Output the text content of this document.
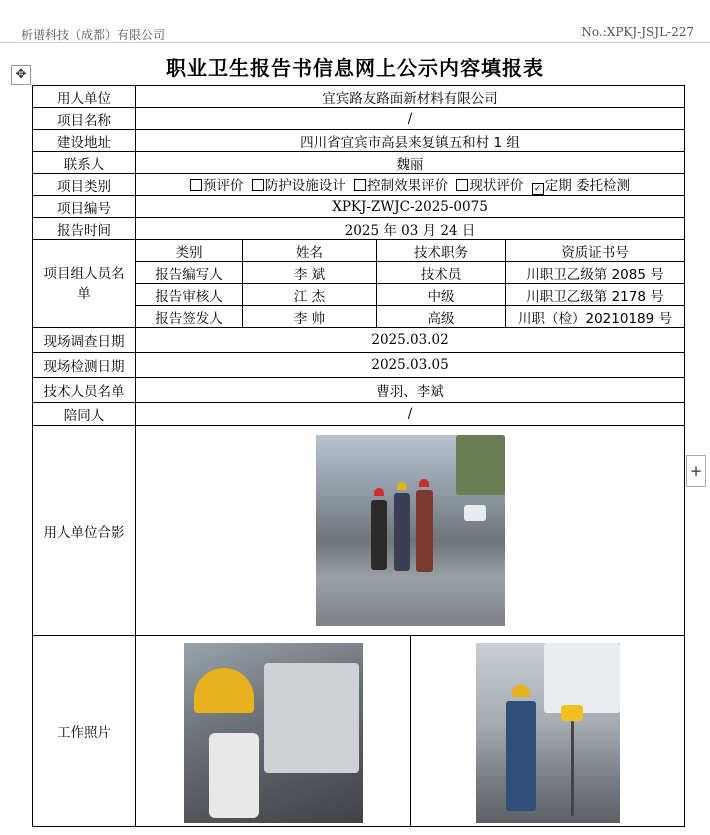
析谱科技（成都）有限公司	No.:XPKJ-JSJL-227
✥
+
职业卫生报告书信息网上公示内容填报表
用人单位	宜宾路友路面新材料有限公司				
项目名称	/				
建设地址	四川省宜宾市高县来复镇五和村 1 组				
联系人	魏丽				
项目类别	预评价 防护设施设计 控制效果评价 现状评价 ✓ 定期 委托检测				
项目编号	XPKJ-ZWJC-2025-0075				
报告时间	2025 年 03 月 24 日				
项目组人员名单	类别	姓名	技术职务		资质证书号
	报告编写人	李 斌	技术员		川职卫乙级第 2085 号
	报告审核人	江 杰	中级		川职卫乙级第 2178 号
	报告签发人	李 帅	高级		川职（检）20210189 号
现场调查日期	2025.03.02				
现场检测日期	2025.03.05				
技术人员名单	曹羽、李斌				
陪同人	/				
用人单位合影					

工作照片				
